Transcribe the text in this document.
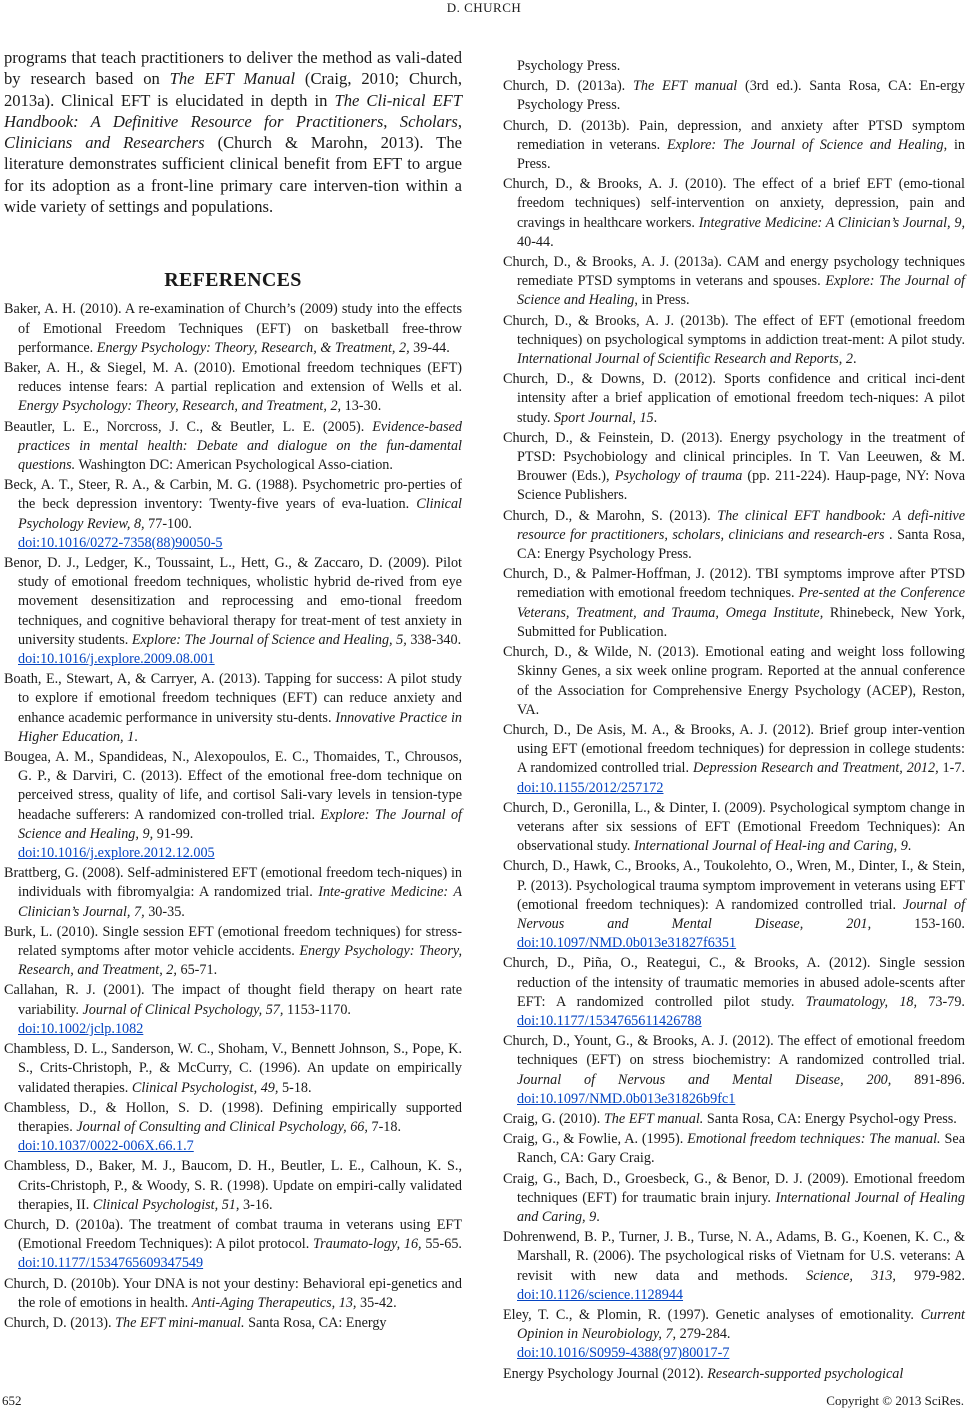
D. CHURCH

programs that teach practitioners to deliver the method as vali-dated by research based on The EFT Manual (Craig, 2010; Church, 2013a). Clinical EFT is elucidated in depth in The Cli-nical EFT Handbook: A Definitive Resource for Practitioners, Scholars, Clinicians and Researchers (Church & Marohn, 2013). The literature demonstrates sufficient clinical benefit from EFT to argue for its adoption as a front-line primary care interven-tion within a wide variety of settings and populations.

REFERENCES

Baker, A. H. (2010). A re-examination of Church’s (2009) study into the effects of Emotional Freedom Techniques (EFT) on basketball free-throw performance. Energy Psychology: Theory, Research, & Treatment, 2, 39-44.

Baker, A. H., & Siegel, M. A. (2010). Emotional freedom techniques (EFT) reduces intense fears: A partial replication and extension of Wells et al. Energy Psychology: Theory, Research, and Treatment, 2, 13-30.

Beautler, L. E., Norcross, J. C., & Beutler, L. E. (2005). Evidence-based practices in mental health: Debate and dialogue on the fun-damental questions. Washington DC: American Psychological Asso-ciation.

Beck, A. T., Steer, R. A., & Carbin, M. G. (1988). Psychometric pro-perties of the beck depression inventory: Twenty-five years of eva-luation. Clinical Psychology Review, 8, 77-100.
doi:10.1016/0272-7358(88)90050-5

Benor, D. J., Ledger, K., Toussaint, L., Hett, G., & Zaccaro, D. (2009). Pilot study of emotional freedom techniques, wholistic hybrid de-rived from eye movement desensitization and reprocessing and emo-tional freedom techniques, and cognitive behavioral therapy for treat-ment of test anxiety in university students. Explore: The Journal of Science and Healing, 5, 338-340.
doi:10.1016/j.explore.2009.08.001

Boath, E., Stewart, A, & Carryer, A. (2013). Tapping for success: A pilot study to explore if emotional freedom techniques (EFT) can reduce anxiety and enhance academic performance in university stu-dents. Innovative Practice in Higher Education, 1.

Bougea, A. M., Spandideas, N., Alexopoulos, E. C., Thomaides, T., Chrousos, G. P., & Darviri, C. (2013). Effect of the emotional free-dom technique on perceived stress, quality of life, and cortisol Sali-vary levels in tension-type headache sufferers: A randomized con-trolled trial. Explore: The Journal of Science and Healing, 9, 91-99.
doi:10.1016/j.explore.2012.12.005

Brattberg, G. (2008). Self-administered EFT (emotional freedom tech-niques) in individuals with fibromyalgia: A randomized trial. Inte-grative Medicine: A Clinician’s Journal, 7, 30-35.

Burk, L. (2010). Single session EFT (emotional freedom techniques) for stress-related symptoms after motor vehicle accidents. Energy Psychology: Theory, Research, and Treatment, 2, 65-71.

Callahan, R. J. (2001). The impact of thought field therapy on heart rate variability. Journal of Clinical Psychology, 57, 1153-1170.
doi:10.1002/jclp.1082

Chambless, D. L., Sanderson, W. C., Shoham, V., Bennett Johnson, S., Pope, K. S., Crits-Christoph, P., & McCurry, C. (1996). An update on empirically validated therapies. Clinical Psychologist, 49, 5-18.

Chambless, D., & Hollon, S. D. (1998). Defining empirically supported therapies. Journal of Consulting and Clinical Psychology, 66, 7-18.
doi:10.1037/0022-006X.66.1.7

Chambless, D., Baker, M. J., Baucom, D. H., Beutler, L. E., Calhoun, K. S., Crits-Christoph, P., & Woody, S. R. (1998). Update on empiri-cally validated therapies, II. Clinical Psychologist, 51, 3-16.

Church, D. (2010a). The treatment of combat trauma in veterans using EFT (Emotional Freedom Techniques): A pilot protocol. Traumato-logy, 16, 55-65. doi:10.1177/1534765609347549

Church, D. (2010b). Your DNA is not your destiny: Behavioral epi-genetics and the role of emotions in health. Anti-Aging Therapeutics, 13, 35-42.

Church, D. (2013). The EFT mini-manual. Santa Rosa, CA: Energy

Psychology Press.

Church, D. (2013a). The EFT manual (3rd ed.). Santa Rosa, CA: En-ergy Psychology Press.

Church, D. (2013b). Pain, depression, and anxiety after PTSD symptom remediation in veterans. Explore: The Journal of Science and Healing, in Press.

Church, D., & Brooks, A. J. (2010). The effect of a brief EFT (emo-tional freedom techniques) self-intervention on anxiety, depression, pain and cravings in healthcare workers. Integrative Medicine: A Clinician’s Journal, 9, 40-44.

Church, D., & Brooks, A. J. (2013a). CAM and energy psychology techniques remediate PTSD symptoms in veterans and spouses. Explore: The Journal of Science and Healing, in Press.

Church, D., & Brooks, A. J. (2013b). The effect of EFT (emotional freedom techniques) on psychological symptoms in addiction treat-ment: A pilot study. International Journal of Scientific Research and Reports, 2.

Church, D., & Downs, D. (2012). Sports confidence and critical inci-dent intensity after a brief application of emotional freedom tech-niques: A pilot study. Sport Journal, 15.

Church, D., & Feinstein, D. (2013). Energy psychology in the treatment of PTSD: Psychobiology and clinical principles. In T. Van Leeuwen, & M. Brouwer (Eds.), Psychology of trauma (pp. 211-224). Haup-page, NY: Nova Science Publishers.

Church, D., & Marohn, S. (2013). The clinical EFT handbook: A defi-nitive resource for practitioners, scholars, clinicians and research-ers . Santa Rosa, CA: Energy Psychology Press.

Church, D., & Palmer-Hoffman, J. (2012). TBI symptoms improve after PTSD remediation with emotional freedom techniques. Pre-sented at the Conference Veterans, Treatment, and Trauma, Omega Institute, Rhinebeck, New York, Submitted for Publication.

Church, D., & Wilde, N. (2013). Emotional eating and weight loss following Skinny Genes, a six week online program. Reported at the annual conference of the Association for Comprehensive Energy Psychology (ACEP), Reston, VA.

Church, D., De Asis, M. A., & Brooks, A. J. (2012). Brief group inter-vention using EFT (emotional freedom techniques) for depression in college students: A randomized controlled trial. Depression Research and Treatment, 2012, 1-7. doi:10.1155/2012/257172

Church, D., Geronilla, L., & Dinter, I. (2009). Psychological symptom change in veterans after six sessions of EFT (Emotional Freedom Techniques): An observational study. International Journal of Heal-ing and Caring, 9.

Church, D., Hawk, C., Brooks, A., Toukolehto, O., Wren, M., Dinter, I., & Stein, P. (2013). Psychological trauma symptom improvement in veterans using EFT (emotional freedom techniques): A randomized controlled trial. Journal of Nervous and Mental Disease, 201, 153-160. doi:10.1097/NMD.0b013e31827f6351

Church, D., Piña, O., Reategui, C., & Brooks, A. (2012). Single session reduction of the intensity of traumatic memories in abused adole-scents after EFT: A randomized controlled pilot study. Traumatology, 18, 73-79. doi:10.1177/1534765611426788

Church, D., Yount, G., & Brooks, A. J. (2012). The effect of emotional freedom techniques (EFT) on stress biochemistry: A randomized controlled trial. Journal of Nervous and Mental Disease, 200, 891-896. doi:10.1097/NMD.0b013e31826b9fc1

Craig, G. (2010). The EFT manual. Santa Rosa, CA: Energy Psychol-ogy Press.

Craig, G., & Fowlie, A. (1995). Emotional freedom techniques: The manual. Sea Ranch, CA: Gary Craig.

Craig, G., Bach, D., Groesbeck, G., & Benor, D. J. (2009). Emotional freedom techniques (EFT) for traumatic brain injury. International Journal of Healing and Caring, 9.

Dohrenwend, B. P., Turner, J. B., Turse, N. A., Adams, B. G., Koenen, K. C., & Marshall, R. (2006). The psychological risks of Vietnam for U.S. veterans: A revisit with new data and methods. Science, 313, 979-982. doi:10.1126/science.1128944

Eley, T. C., & Plomin, R. (1997). Genetic analyses of emotionality. Current Opinion in Neurobiology, 7, 279-284.
doi:10.1016/S0959-4388(97)80017-7

Energy Psychology Journal (2012). Research-supported psychological

652	Copyright © 2013 SciRes.
